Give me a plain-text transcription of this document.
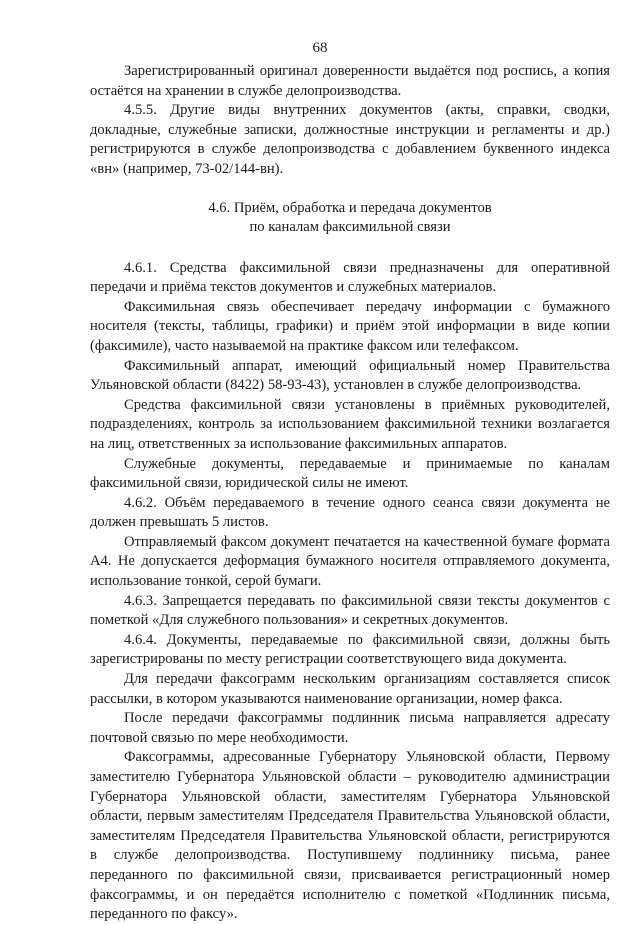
68

Зарегистрированный оригинал доверенности выдаётся под роспись, а копия остаётся на хранении в службе делопроизводства.

4.5.5. Другие виды внутренних документов (акты, справки, сводки, докладные, служебные записки, должностные инструкции и регламенты и др.) регистрируются в службе делопроизводства с добавлением буквенного индекса «вн» (например, 73-02/144-вн).

4.6. Приём, обработка и передача документов
по каналам факсимильной связи

4.6.1. Средства факсимильной связи предназначены для оперативной передачи и приёма текстов документов и служебных материалов.

Факсимильная связь обеспечивает передачу информации с бумажного носителя (тексты, таблицы, графики) и приём этой информации в виде копии (факсимиле), часто называемой на практике факсом или телефаксом.

Факсимильный аппарат, имеющий официальный номер Правительства Ульяновской области (8422) 58-93-43), установлен в службе делопроизводства.

Средства факсимильной связи установлены в приёмных руководителей, подразделениях, контроль за использованием факсимильной техники возлагается на лиц, ответственных за использование факсимильных аппаратов.

Служебные документы, передаваемые и принимаемые по каналам факсимильной связи, юридической силы не имеют.

4.6.2. Объём передаваемого в течение одного сеанса связи документа не должен превышать 5 листов.

Отправляемый факсом документ печатается на качественной бумаге формата А4. Не допускается деформация бумажного носителя отправляемого документа, использование тонкой, серой бумаги.

4.6.3. Запрещается передавать по факсимильной связи тексты документов с пометкой «Для служебного пользования» и секретных документов.

4.6.4. Документы, передаваемые по факсимильной связи, должны быть зарегистрированы по месту регистрации соответствующего вида документа.

Для передачи факсограмм нескольким организациям составляется список рассылки, в котором указываются наименование организации, номер факса.

После передачи факсограммы подлинник письма направляется адресату почтовой связью по мере необходимости.

Факсограммы, адресованные Губернатору Ульяновской области, Первому заместителю Губернатора Ульяновской области – руководителю администрации Губернатора Ульяновской области, заместителям Губернатора Ульяновской области, первым заместителям Председателя Правительства Ульяновской области, заместителям Председателя Правительства Ульяновской области, регистрируются в службе делопроизводства. Поступившему подлиннику письма, ранее переданного по факсимильной связи, присваивается регистрационный номер факсограммы, и он передаётся исполнителю с пометкой «Подлинник письма, переданного по факсу».
